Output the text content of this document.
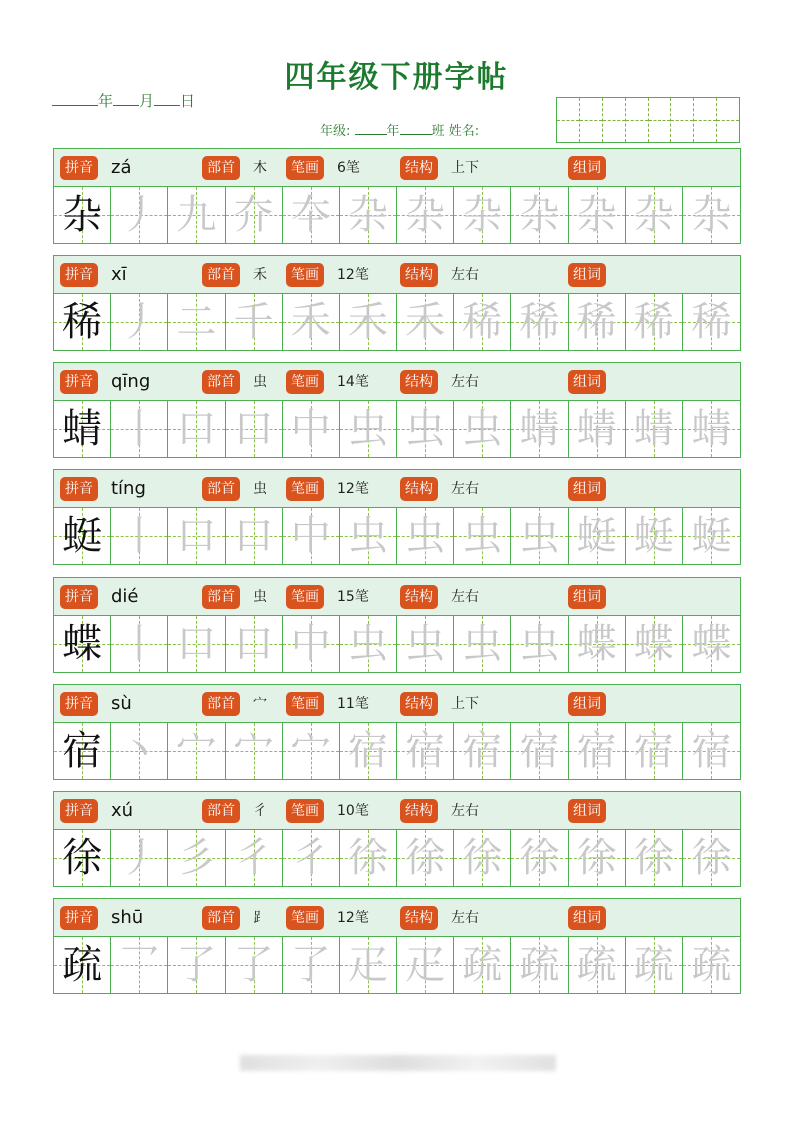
四年级下册字帖
年 月 日
年级:	年 班 姓名:
拼音 zá	部首	木	笔画	6笔	结构	上下	组词
杂 丿 九 夰 夲 杂 杂 杂 杂 杂 杂 杂
拼音 xī	部首	禾	笔画	12笔	结构	左右	组词
稀 丿 二 千 禾 禾 禾 稀 稀 稀 稀 稀
拼音 qīng	部首	虫	笔画	14笔	结构	左右	组词
蜻 丨 口 口 中 虫 虫 虫 蜻 蜻 蜻 蜻
拼音 tíng	部首	虫	笔画	12笔	结构	左右	组词
蜓 丨 口 口 中 虫 虫 虫 虫 蜓 蜓 蜓
拼音 dié	部首	虫	笔画	15笔	结构	左右	组词
蝶 丨 口 口 中 虫 虫 虫 虫 蝶 蝶 蝶
拼音 sù	部首	宀	笔画	11笔	结构	上下	组词
宿 丶 宀 宀 宀 宿 宿 宿 宿 宿 宿 宿
拼音 xú	部首	彳	笔画	10笔	结构	左右	组词
徐 丿 彡 彳 彳 徐 徐 徐 徐 徐 徐 徐
拼音 shū	部首	⻊	笔画	12笔	结构	左右	组词
疏 乛 了 了 了 疋 疋 疏 疏 疏 疏 疏
